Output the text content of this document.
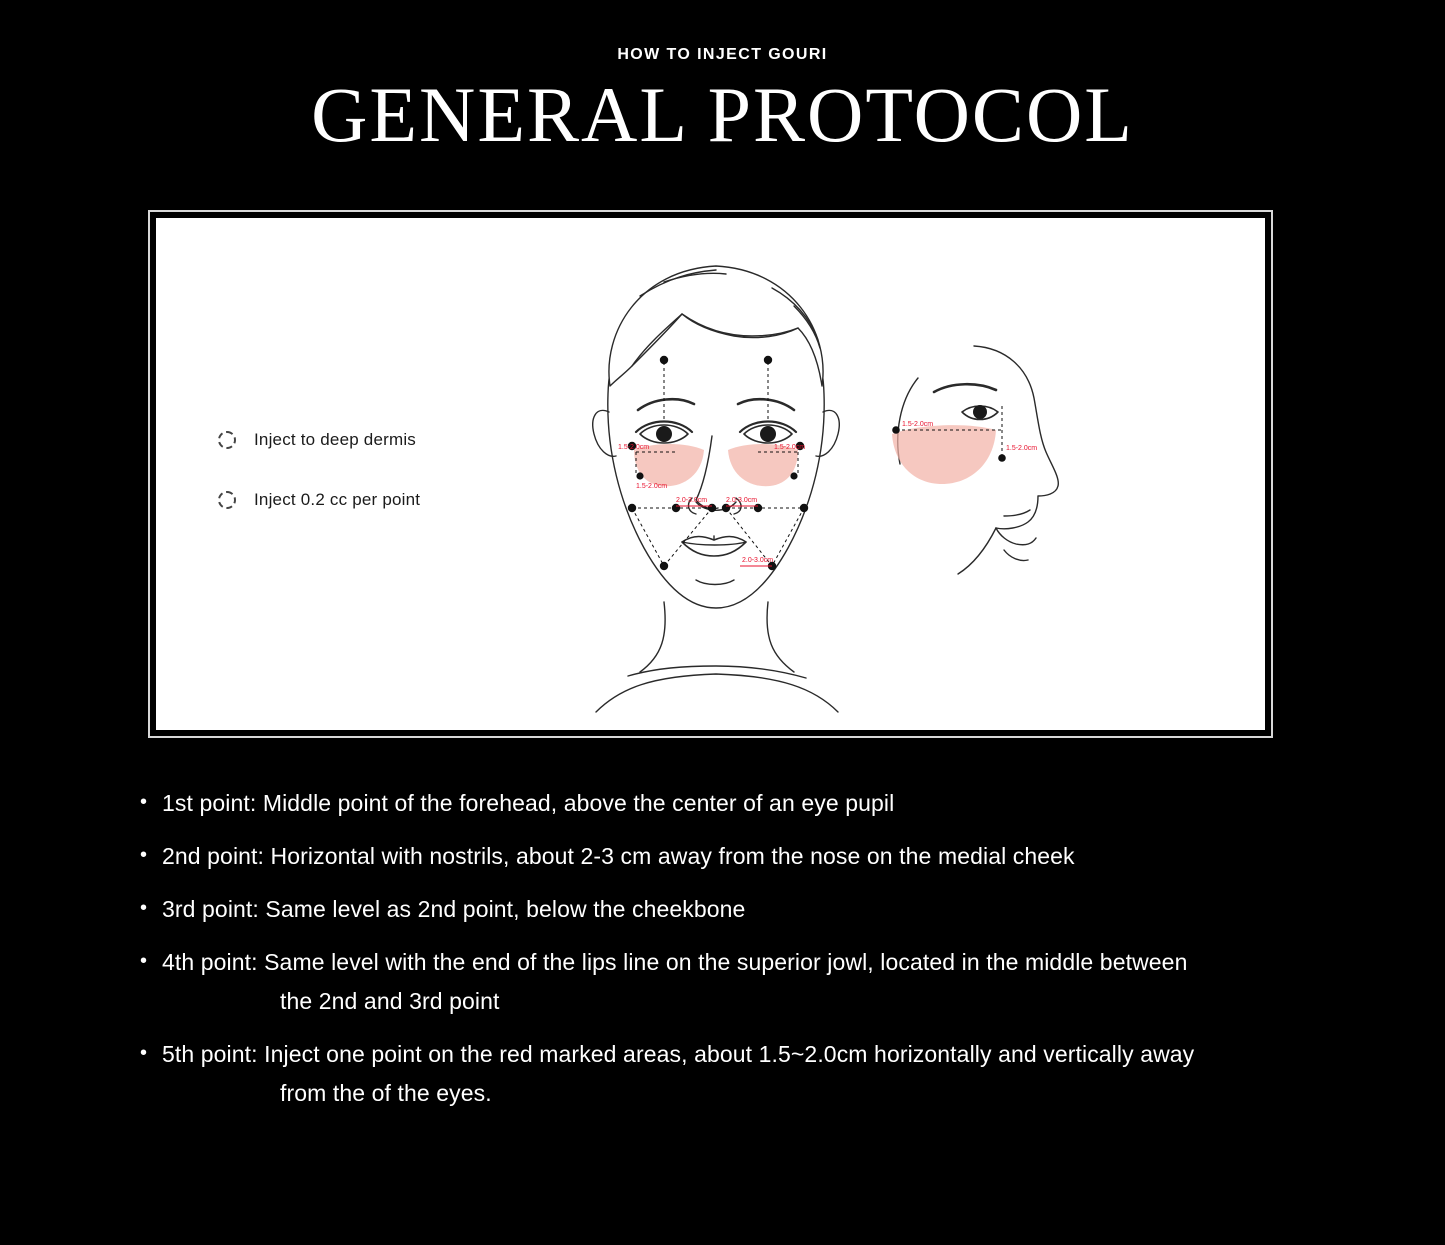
HOW TO INJECT GOURI
GENERAL PROTOCOL
Inject to deep dermis
Inject 0.2 cc per point
1.5-2.0cm
1.5-2.0cm
1.5-2.0cm
2.0-3.0cm	2.0-3.0cm
2.0-3.0cm
1.5-2.0cm
1.5-2.0cm
• 1st point: Middle point of the forehead, above the center of an eye pupil
• 2nd point: Horizontal with nostrils, about 2-3 cm away from the nose on the medial cheek
• 3rd point: Same level as 2nd point, below the cheekbone
• 4th point: Same level with the end of the lips line on the superior jowl, located in the middle between
the 2nd and 3rd point
• 5th point: Inject one point on the red marked areas, about 1.5~2.0cm horizontally and vertically away
from the of the eyes.
